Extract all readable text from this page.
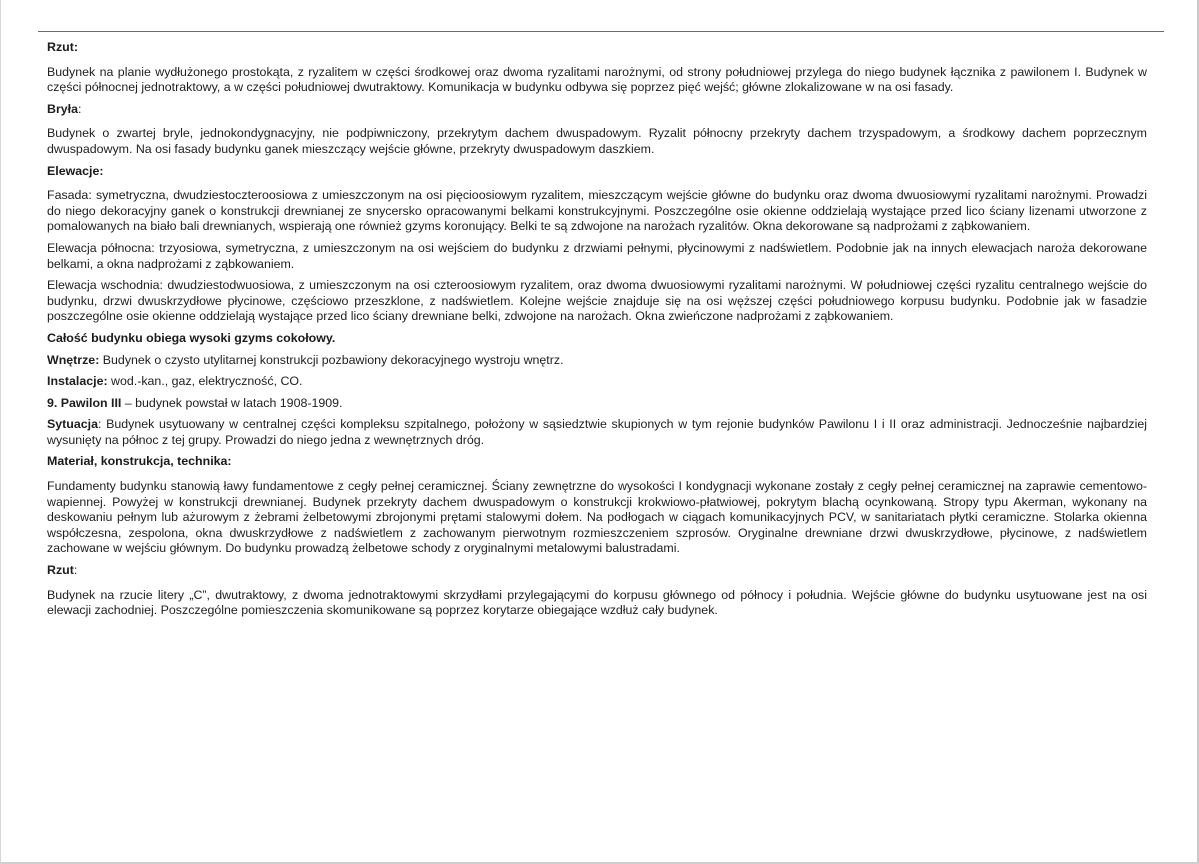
Rzut:

Budynek na planie wydłużonego prostokąta, z ryzalitem w części środkowej oraz dwoma ryzalitami narożnymi, od strony południowej przylega do niego budynek łącznika z pawilonem I. Budynek w części północnej jednotraktowy, a w części południowej dwutraktowy. Komunikacja w budynku odbywa się poprzez pięć wejść; główne zlokalizowane w na osi fasady.

Bryła:

Budynek o zwartej bryle, jednokondygnacyjny, nie podpiwniczony, przekrytym dachem dwuspadowym. Ryzalit północny przekryty dachem trzyspadowym, a środkowy dachem poprzecznym dwuspadowym. Na osi fasady budynku ganek mieszczący wejście główne, przekryty dwuspadowym daszkiem.

Elewacje:

Fasada: symetryczna, dwudziestoczteroosiowa z umieszczonym na osi pięcioosiowym ryzalitem, mieszczącym wejście główne do budynku oraz dwoma dwuosiowymi ryzalitami narożnymi. Prowadzi do niego dekoracyjny ganek o konstrukcji drewnianej ze snycersko opracowanymi belkami konstrukcyjnymi. Poszczególne osie okienne oddzielają wystające przed lico ściany lizenami utworzone z pomalowanych na biało bali drewnianych, wspierają one również gzyms koronujący. Belki te są zdwojone na narożach ryzalitów. Okna dekorowane są nadprożami z ząbkowaniem.

Elewacja północna: trzyosiowa, symetryczna, z umieszczonym na osi wejściem do budynku z drzwiami pełnymi, płycinowymi z nadświetlem. Podobnie jak na innych elewacjach naroża dekorowane belkami, a okna nadprożami z ząbkowaniem.

Elewacja wschodnia: dwudziestodwuosiowa, z umieszczonym na osi czteroosiowym ryzalitem, oraz dwoma dwuosiowymi ryzalitami narożnymi. W południowej części ryzalitu centralnego wejście do budynku, drzwi dwuskrzydłowe płycinowe, częściowo przeszklone, z nadświetlem. Kolejne wejście znajduje się na osi węższej części południowego korpusu budynku. Podobnie jak w fasadzie poszczególne osie okienne oddzielają wystające przed lico ściany drewniane belki, zdwojone na narożach. Okna zwieńczone nadprożami z ząbkowaniem.

Całość budynku obiega wysoki gzyms cokołowy.

Wnętrze: Budynek o czysto utylitarnej konstrukcji pozbawiony dekoracyjnego wystroju wnętrz.

Instalacje: wod.-kan., gaz, elektryczność, CO.

9. Pawilon III – budynek powstał w latach 1908-1909.

Sytuacja: Budynek usytuowany w centralnej części kompleksu szpitalnego, położony w sąsiedztwie skupionych w tym rejonie budynków Pawilonu I i II oraz administracji. Jednocześnie najbardziej wysunięty na północ z tej grupy. Prowadzi do niego jedna z wewnętrznych dróg.

Materiał, konstrukcja, technika:

Fundamenty budynku stanowią ławy fundamentowe z cegły pełnej ceramicznej. Ściany zewnętrzne do wysokości I kondygnacji wykonane zostały z cegły pełnej ceramicznej na zaprawie cementowo-wapiennej. Powyżej w konstrukcji drewnianej. Budynek przekryty dachem dwuspadowym o konstrukcji krokwiowo-płatwiowej, pokrytym blachą ocynkowaną. Stropy typu Akerman, wykonany na deskowaniu pełnym lub ażurowym z żebrami żelbetowymi zbrojonymi prętami stalowymi dołem. Na podłogach w ciągach komunikacyjnych PCV, w sanitariatach płytki ceramiczne. Stolarka okienna współczesna, zespolona, okna dwuskrzydłowe z nadświetlem z zachowanym pierwotnym rozmieszczeniem szprosów. Oryginalne drewniane drzwi dwuskrzydłowe, płycinowe, z nadświetlem zachowane w wejściu głównym. Do budynku prowadzą żelbetowe schody z oryginalnymi metalowymi balustradami.

Rzut:

Budynek na rzucie litery „C”, dwutraktowy, z dwoma jednotraktowymi skrzydłami przylegającymi do korpusu głównego od północy i południa. Wejście główne do budynku usytuowane jest na osi elewacji zachodniej. Poszczególne pomieszczenia skomunikowane są poprzez korytarze obiegające wzdłuż cały budynek.
